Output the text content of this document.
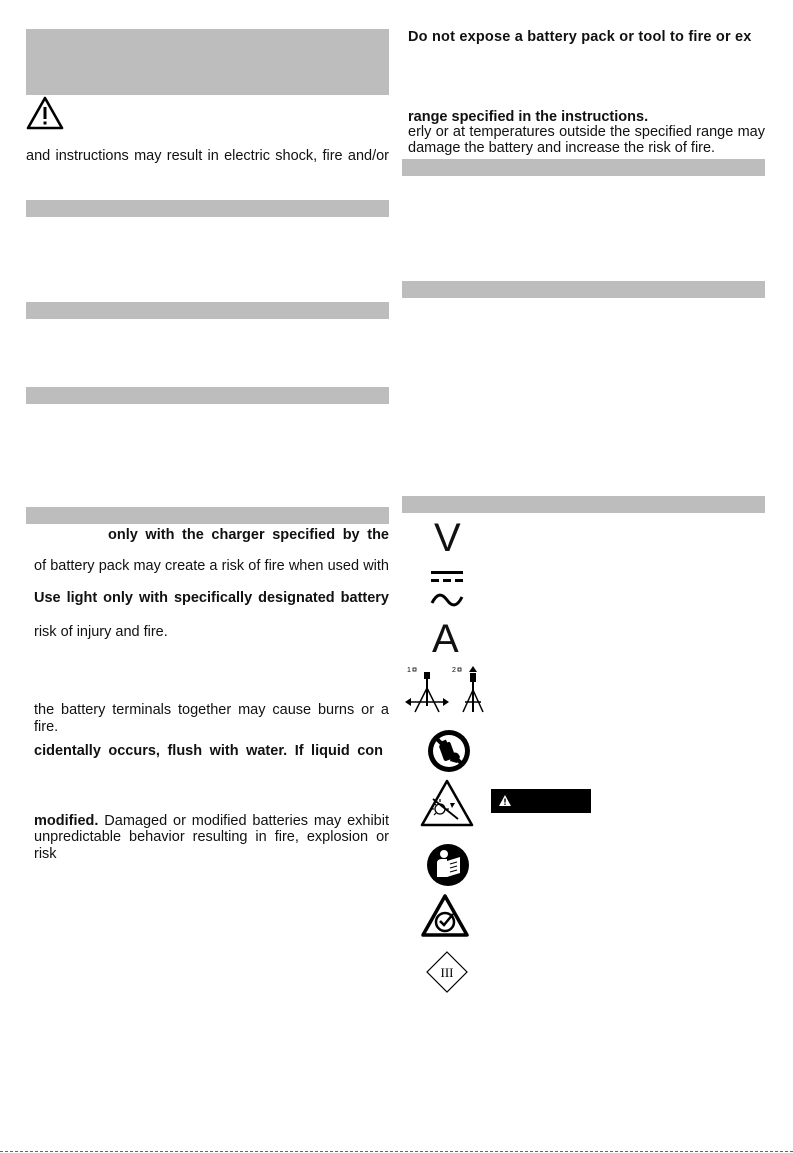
and instructions may result in electric shock, fire and/or
only with the charger specified by the
of battery pack may create a risk of fire when used with
Use light only with specifically designated battery
risk of injury and fire.
the battery terminals together may cause burns or a fire.
cidentally occurs, flush with water. If liquid con
modified. Damaged or modified batteries may exhibit
unpredictable behavior resulting in fire, explosion or risk
Do not expose a battery pack or tool to fire or ex
range specified in the instructions.
erly or at temperatures outside the specified range may
damage the battery and increase the risk of fire.
V
A
1	2
III
